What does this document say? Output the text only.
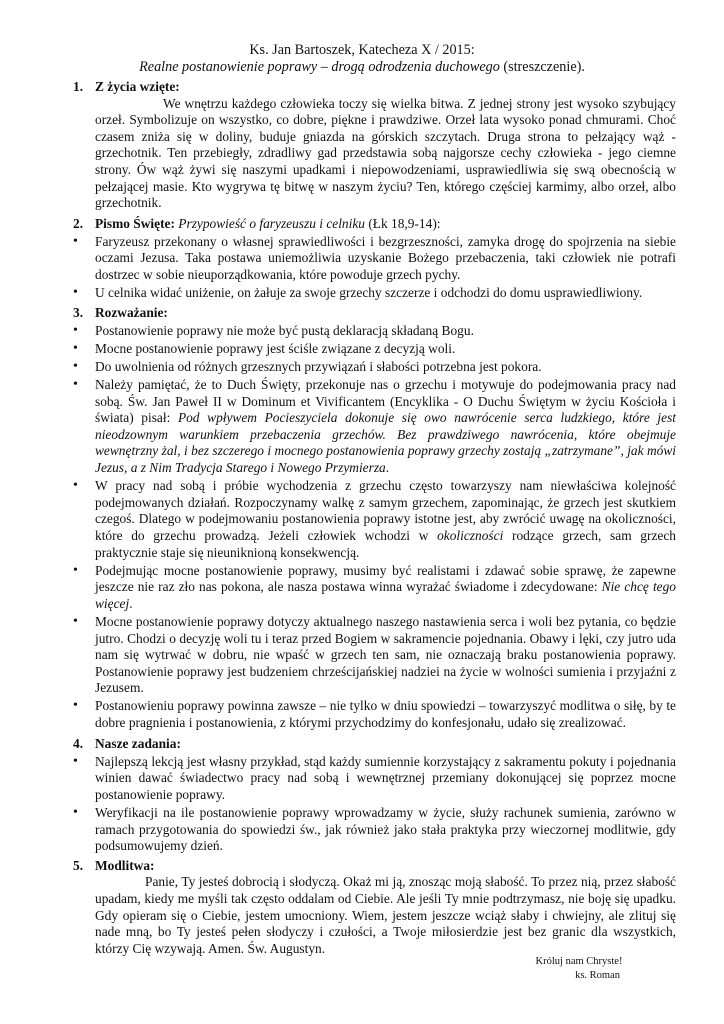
Ks. Jan Bartoszek, Katecheza X / 2015:
Realne postanowienie poprawy – drogą odrodzenia duchowego (streszczenie).
1. Z życia wzięte:
We wnętrzu każdego człowieka toczy się wielka bitwa. Z jednej strony jest wysoko szybujący orzeł. Symbolizuje on wszystko, co dobre, piękne i prawdziwe. Orzeł lata wysoko ponad chmurami. Choć czasem zniża się w doliny, buduje gniazda na górskich szczytach. Druga strona to pełzający wąż - grzechotnik. Ten przebiegły, zdradliwy gad przedstawia sobą najgorsze cechy człowieka - jego ciemne strony. Ów wąż żywi się naszymi upadkami i niepowodzeniami, usprawiedliwia się swą obecnością w pełzającej masie. Kto wygrywa tę bitwę w naszym życiu? Ten, którego częściej karmimy, albo orzeł, albo grzechotnik.
2. Pismo Święte: Przypowieść o faryzeuszu i celniku (Łk 18,9-14):
• Faryzeusz przekonany o własnej sprawiedliwości i bezgrzeszności, zamyka drogę do spojrzenia na siebie oczami Jezusa. Taka postawa uniemożliwia uzyskanie Bożego przebaczenia, taki człowiek nie potrafi dostrzec w sobie nieuporządkowania, które powoduje grzech pychy.
• U celnika widać uniżenie, on żałuje za swoje grzechy szczerze i odchodzi do domu usprawiedliwiony.
3. Rozważanie:
• Postanowienie poprawy nie może być pustą deklaracją składaną Bogu.
• Mocne postanowienie poprawy jest ściśle związane z decyzją woli.
• Do uwolnienia od różnych grzesznych przywiązań i słabości potrzebna jest pokora.
• Należy pamiętać, że to Duch Święty, przekonuje nas o grzechu i motywuje do podejmowania pracy nad sobą. Św. Jan Paweł II w Dominum et Vivificantem (Encyklika - O Duchu Świętym w życiu Kościoła i świata) pisał: Pod wpływem Pocieszyciela dokonuje się owo nawrócenie serca ludzkiego, które jest nieodzownym warunkiem przebaczenia grzechów. Bez prawdziwego nawrócenia, które obejmuje wewnętrzny żal, i bez szczerego i mocnego postanowienia poprawy grzechy zostają „zatrzymane”, jak mówi Jezus, a z Nim Tradycja Starego i Nowego Przymierza.
• W pracy nad sobą i próbie wychodzenia z grzechu często towarzyszy nam niewłaściwa kolejność podejmowanych działań. Rozpoczynamy walkę z samym grzechem, zapominając, że grzech jest skutkiem czegoś. Dlatego w podejmowaniu postanowienia poprawy istotne jest, aby zwrócić uwagę na okoliczności, które do grzechu prowadzą. Jeżeli człowiek wchodzi w okoliczności rodzące grzech, sam grzech praktycznie staje się nieuniknioną konsekwencją.
• Podejmując mocne postanowienie poprawy, musimy być realistami i zdawać sobie sprawę, że zapewne jeszcze nie raz zło nas pokona, ale nasza postawa winna wyrażać świadome i zdecydowane: Nie chcę tego więcej.
• Mocne postanowienie poprawy dotyczy aktualnego naszego nastawienia serca i woli bez pytania, co będzie jutro. Chodzi o decyzję woli tu i teraz przed Bogiem w sakramencie pojednania. Obawy i lęki, czy jutro uda nam się wytrwać w dobru, nie wpaść w grzech ten sam, nie oznaczają braku postanowienia poprawy. Postanowienie poprawy jest budzeniem chrześcijańskiej nadziei na życie w wolności sumienia i przyjaźni z Jezusem.
• Postanowieniu poprawy powinna zawsze – nie tylko w dniu spowiedzi – towarzyszyć modlitwa o siłę, by te dobre pragnienia i postanowienia, z którymi przychodzimy do konfesjonału, udało się zrealizować.
4. Nasze zadania:
• Najlepszą lekcją jest własny przykład, stąd każdy sumiennie korzystający z sakramentu pokuty i pojednania winien dawać świadectwo pracy nad sobą i wewnętrznej przemiany dokonującej się poprzez mocne postanowienie poprawy.
• Weryfikacji na ile postanowienie poprawy wprowadzamy w życie, służy rachunek sumienia, zarówno w ramach przygotowania do spowiedzi św., jak również jako stała praktyka przy wieczornej modlitwie, gdy podsumowujemy dzień.
5. Modlitwa:
Panie, Ty jesteś dobrocią i słodyczą. Okaż mi ją, znosząc moją słabość. To przez nią, przez słabość upadam, kiedy me myśli tak często oddalam od Ciebie. Ale jeśli Ty mnie podtrzymasz, nie boję się upadku. Gdy opieram się o Ciebie, jestem umocniony. Wiem, jestem jeszcze wciąż słaby i chwiejny, ale zlituj się nade mną, bo Ty jesteś pełen słodyczy i czułości, a Twoje miłosierdzie jest bez granic dla wszystkich, którzy Cię wzywają. Amen. Św. Augustyn.
Króluj nam Chryste!
ks. Roman
